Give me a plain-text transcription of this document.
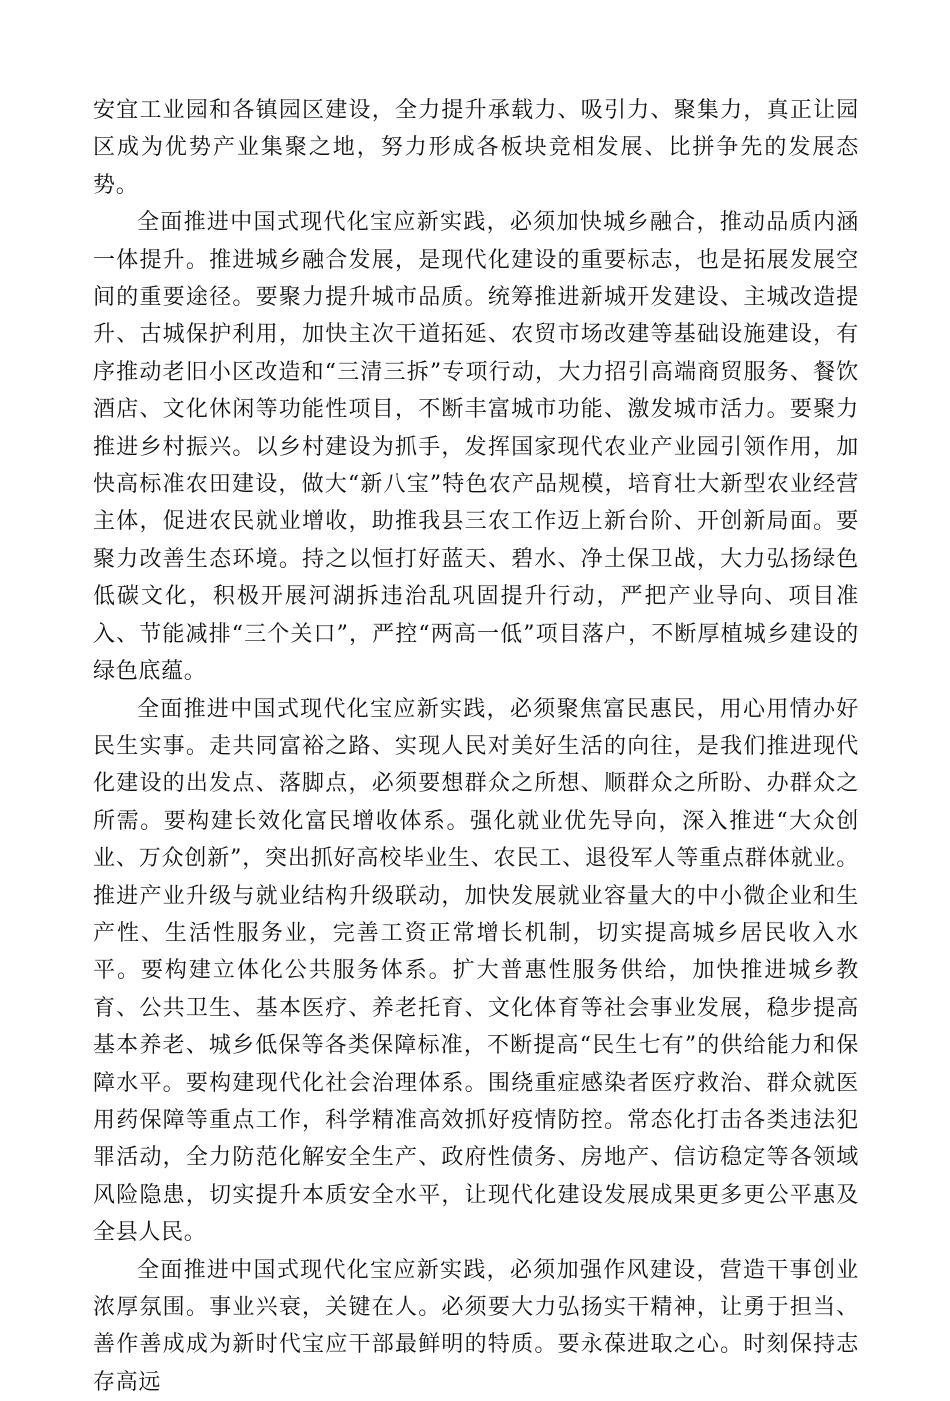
安宜工业园和各镇园区建设，全力提升承载力、吸引力、聚集力，真正让园区成为优势产业集聚之地，努力形成各板块竞相发展、比拼争先的发展态势。

全面推进中国式现代化宝应新实践，必须加快城乡融合，推动品质内涵一体提升。推进城乡融合发展，是现代化建设的重要标志，也是拓展发展空间的重要途径。要聚力提升城市品质。统筹推进新城开发建设、主城改造提升、古城保护利用，加快主次干道拓延、农贸市场改建等基础设施建设，有序推动老旧小区改造和“三清三拆”专项行动，大力招引高端商贸服务、餐饮酒店、文化休闲等功能性项目，不断丰富城市功能、激发城市活力。要聚力推进乡村振兴。以乡村建设为抓手，发挥国家现代农业产业园引领作用，加快高标准农田建设，做大“新八宝”特色农产品规模，培育壮大新型农业经营主体，促进农民就业增收，助推我县三农工作迈上新台阶、开创新局面。要聚力改善生态环境。持之以恒打好蓝天、碧水、净土保卫战，大力弘扬绿色低碳文化，积极开展河湖拆违治乱巩固提升行动，严把产业导向、项目准入、节能减排“三个关口”，严控“两高一低”项目落户，不断厚植城乡建设的绿色底蕴。

全面推进中国式现代化宝应新实践，必须聚焦富民惠民，用心用情办好民生实事。走共同富裕之路、实现人民对美好生活的向往，是我们推进现代化建设的出发点、落脚点，必须要想群众之所想、顺群众之所盼、办群众之所需。要构建长效化富民增收体系。强化就业优先导向，深入推进“大众创业、万众创新”，突出抓好高校毕业生、农民工、退役军人等重点群体就业。推进产业升级与就业结构升级联动，加快发展就业容量大的中小微企业和生产性、生活性服务业，完善工资正常增长机制，切实提高城乡居民收入水平。要构建立体化公共服务体系。扩大普惠性服务供给，加快推进城乡教育、公共卫生、基本医疗、养老托育、文化体育等社会事业发展，稳步提高基本养老、城乡低保等各类保障标准，不断提高“民生七有”的供给能力和保障水平。要构建现代化社会治理体系。围绕重症感染者医疗救治、群众就医用药保障等重点工作，科学精准高效抓好疫情防控。常态化打击各类违法犯罪活动，全力防范化解安全生产、政府性债务、房地产、信访稳定等各领域风险隐患，切实提升本质安全水平，让现代化建设发展成果更多更公平惠及全县人民。

全面推进中国式现代化宝应新实践，必须加强作风建设，营造干事创业浓厚氛围。事业兴衰，关键在人。必须要大力弘扬实干精神，让勇于担当、善作善成成为新时代宝应干部最鲜明的特质。要永葆进取之心。时刻保持志存高远
